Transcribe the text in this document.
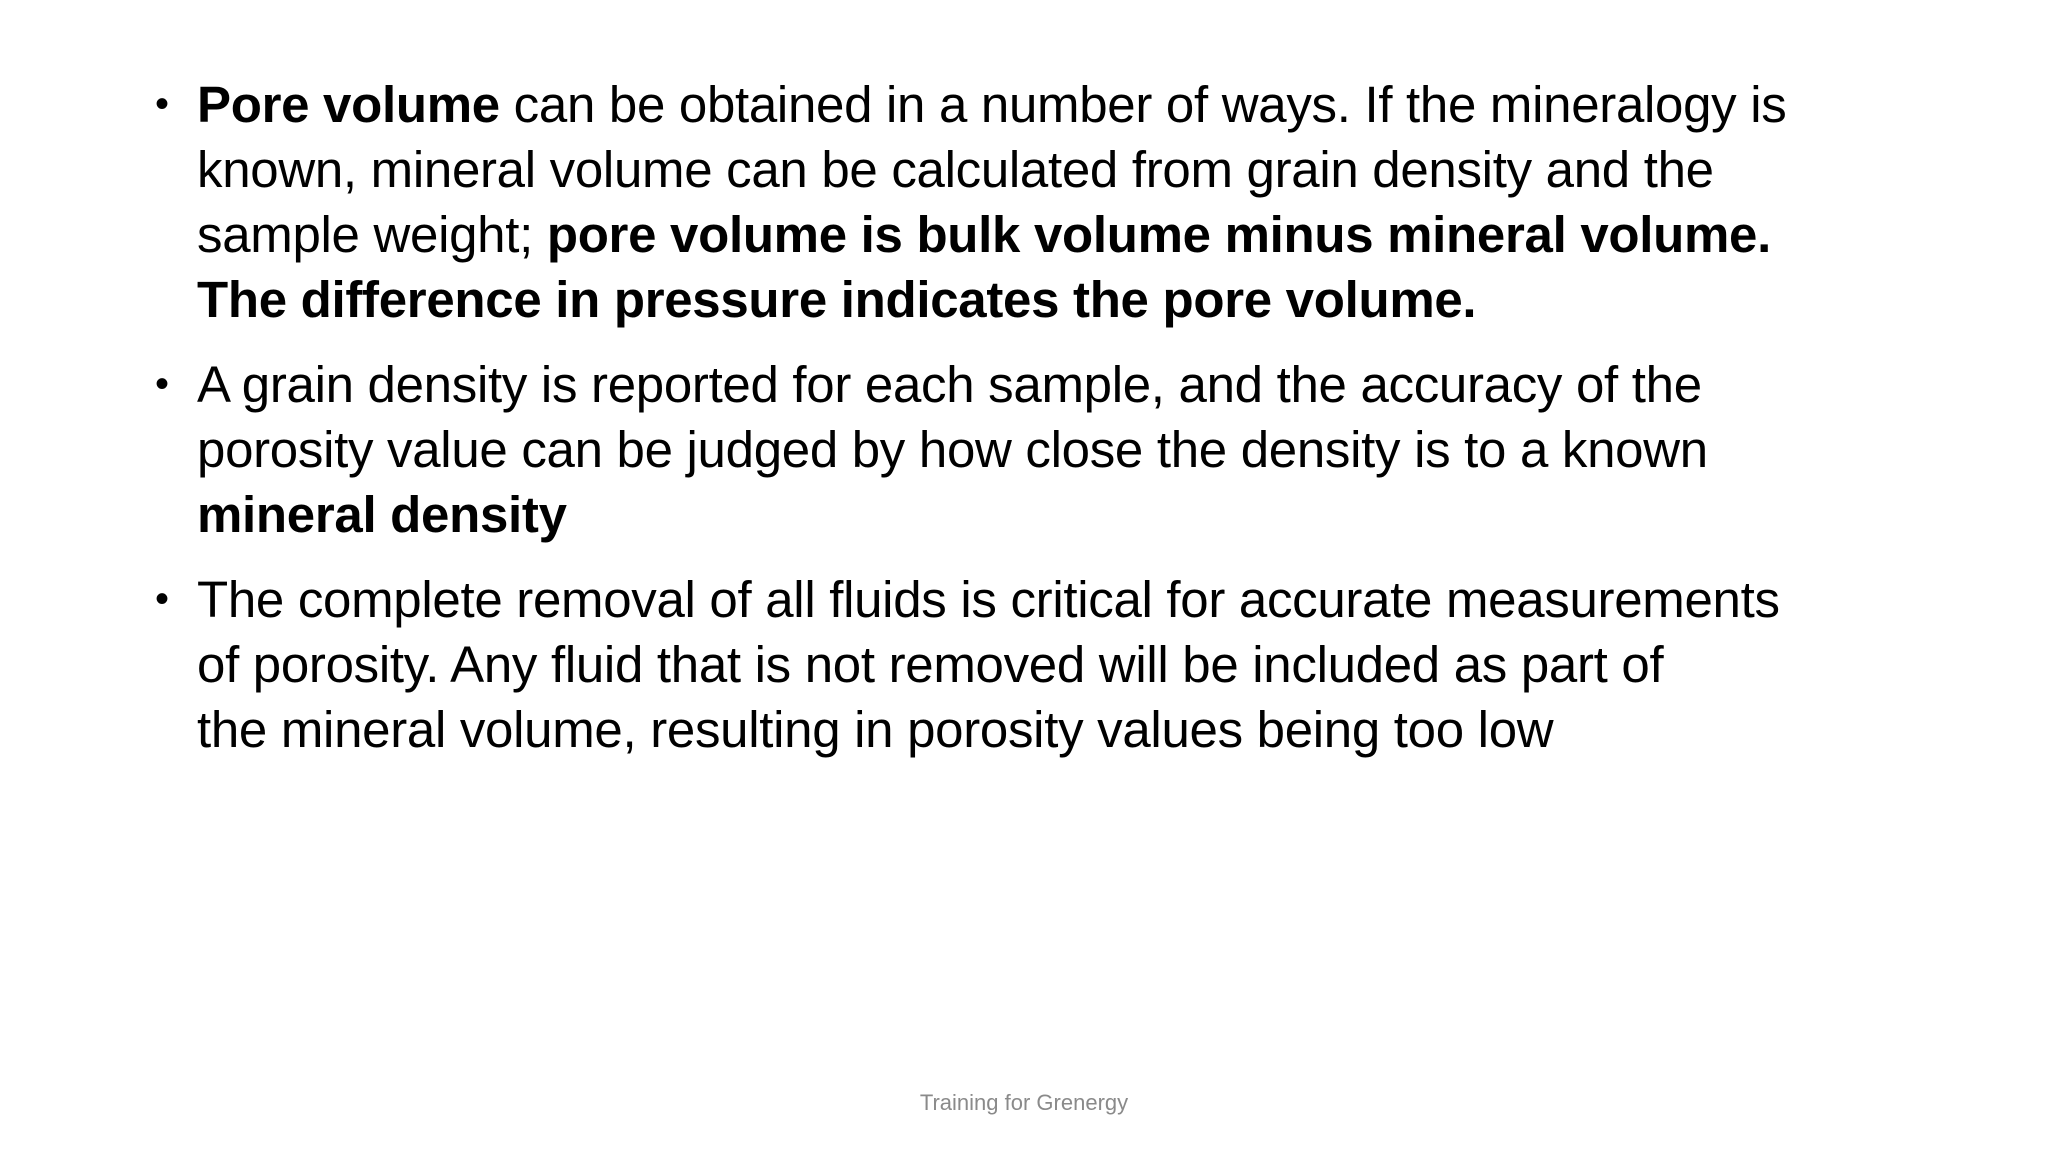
• Pore volume can be obtained in a number of ways. If the mineralogy is
known, mineral volume can be calculated from grain density and the
sample weight; pore volume is bulk volume minus mineral volume.
The difference in pressure indicates the pore volume.
• A grain density is reported for each sample, and the accuracy of the
porosity value can be judged by how close the density is to a known
mineral density
• The complete removal of all fluids is critical for accurate measurements
of porosity. Any fluid that is not removed will be included as part of
the mineral volume, resulting in porosity values being too low
Training for Grenergy
